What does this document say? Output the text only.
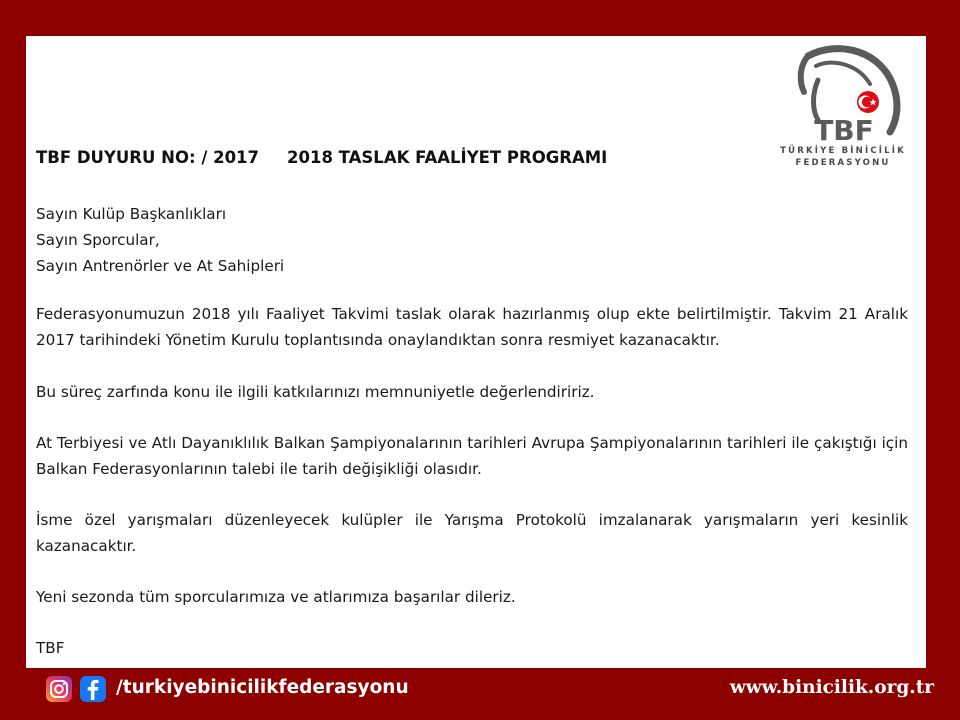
TBF
TÜRKİYE BİNİCİLİK
FEDERASYONU
TBF DUYURU NO: / 2017 2018 TASLAK FAALİYET PROGRAMI
Sayın Kulüp Başkanlıkları
Sayın Sporcular,
Sayın Antrenörler ve At Sahipleri
Federasyonumuzun 2018 yılı Faaliyet Takvimi taslak olarak hazırlanmış olup ekte belirtilmiştir. Takvim 21 Aralık 2017 tarihindeki Yönetim Kurulu toplantısında onaylandıktan sonra resmiyet kazanacaktır.
Bu süreç zarfında konu ile ilgili katkılarınızı memnuniyetle değerlendiririz.
At Terbiyesi ve Atlı Dayanıklılık Balkan Şampiyonalarının tarihleri Avrupa Şampiyonalarının tarihleri ile çakıştığı için Balkan Federasyonlarının talebi ile tarih değişikliği olasıdır.
İsme özel yarışmaları düzenleyecek kulüpler ile Yarışma Protokolü imzalanarak yarışmaların yeri kesinlik kazanacaktır.
Yeni sezonda tüm sporcularımıza ve atlarımıza başarılar dileriz.
TBF
/turkiyebinicilikfederasyonu	www.binicilik.org.tr
